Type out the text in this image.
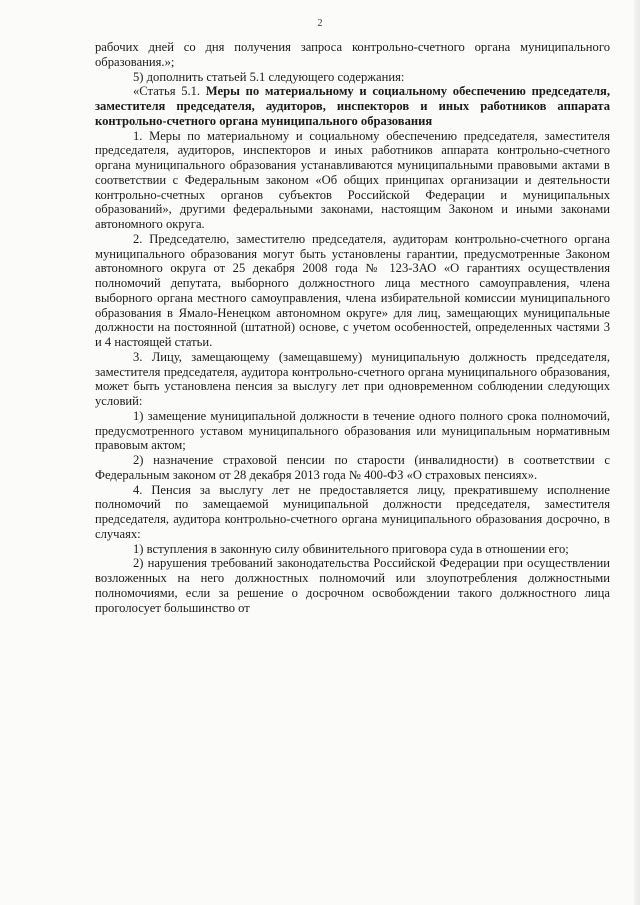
2

рабочих дней со дня получения запроса контрольно-счетного органа муниципального образования.»;

5) дополнить статьей 5.1 следующего содержания:

«Статья 5.1. Меры по материальному и социальному обеспечению председателя, заместителя председателя, аудиторов, инспекторов и иных работников аппарата контрольно-счетного органа муниципального образования

1. Меры по материальному и социальному обеспечению председателя, заместителя председателя, аудиторов, инспекторов и иных работников аппарата контрольно-счетного органа муниципального образования устанавливаются муниципальными правовыми актами в соответствии с Федеральным законом «Об общих принципах организации и деятельности контрольно-счетных органов субъектов Российской Федерации и муниципальных образований», другими федеральными законами, настоящим Законом и иными законами автономного округа.

2. Председателю, заместителю председателя, аудиторам контрольно-счетного органа муниципального образования могут быть установлены гарантии, предусмотренные Законом автономного округа от 25 декабря 2008 года № 123-ЗАО «О гарантиях осуществления полномочий депутата, выборного должностного лица местного самоуправления, члена выборного органа местного самоуправления, члена избирательной комиссии муниципального образования в Ямало-Ненецком автономном округе» для лиц, замещающих муниципальные должности на постоянной (штатной) основе, с учетом особенностей, определенных частями 3 и 4 настоящей статьи.

3. Лицу, замещающему (замещавшему) муниципальную должность председателя, заместителя председателя, аудитора контрольно-счетного органа муниципального образования, может быть установлена пенсия за выслугу лет при одновременном соблюдении следующих условий:

1) замещение муниципальной должности в течение одного полного срока полномочий, предусмотренного уставом муниципального образования или муниципальным нормативным правовым актом;

2) назначение страховой пенсии по старости (инвалидности) в соответствии с Федеральным законом от 28 декабря 2013 года № 400-ФЗ «О страховых пенсиях».

4. Пенсия за выслугу лет не предоставляется лицу, прекратившему исполнение полномочий по замещаемой муниципальной должности председателя, заместителя председателя, аудитора контрольно-счетного органа муниципального образования досрочно, в случаях:

1) вступления в законную силу обвинительного приговора суда в отношении его;

2) нарушения требований законодательства Российской Федерации при осуществлении возложенных на него должностных полномочий или злоупотребления должностными полномочиями, если за решение о досрочном освобождении такого должностного лица проголосует большинство от
